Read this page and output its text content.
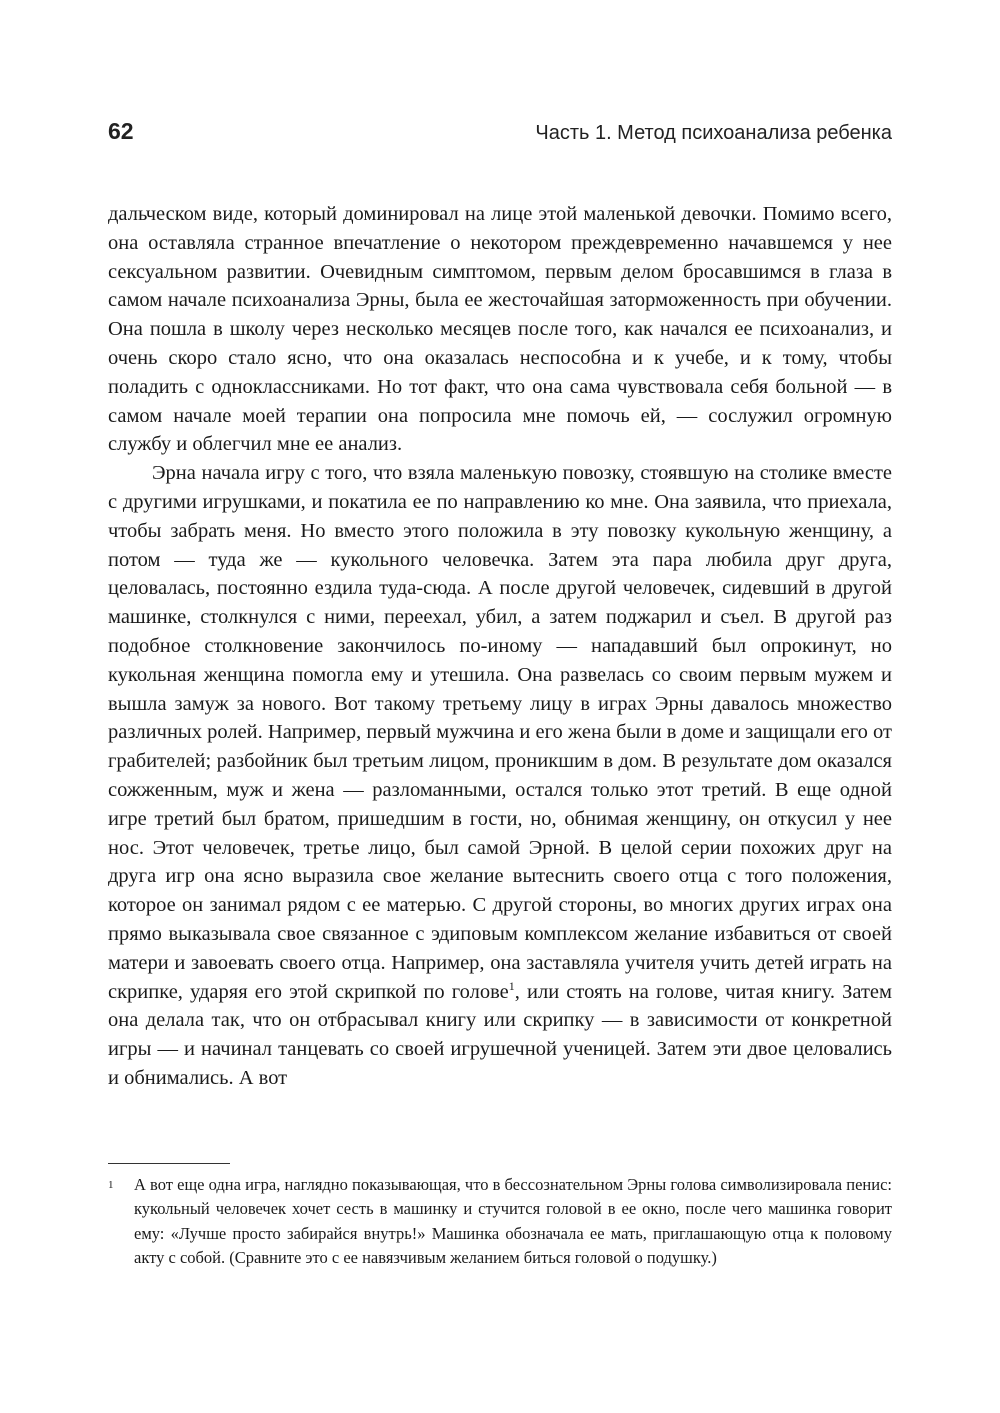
62	Часть 1. Метод психоанализа ребенка

дальческом виде, который доминировал на лице этой маленькой девочки. Помимо всего, она оставляла странное впечатление о некотором преждевременно начавшемся у нее сексуальном развитии. Очевидным симптомом, первым делом бросавшимся в глаза в самом начале психоанализа Эрны, была ее жесточайшая заторможенность при обучении. Она пошла в школу через несколько месяцев после того, как начался ее психоанализ, и очень скоро стало ясно, что она оказалась неспособна и к учебе, и к тому, чтобы поладить с одноклассниками. Но тот факт, что она сама чувствовала себя больной — в самом начале моей терапии она попросила мне помочь ей, — сослужил огромную службу и облегчил мне ее анализ.

Эрна начала игру с того, что взяла маленькую повозку, стоявшую на столике вместе с другими игрушками, и покатила ее по направлению ко мне. Она заявила, что приехала, чтобы забрать меня. Но вместо этого положила в эту повозку кукольную женщину, а потом — туда же — кукольного человечка. Затем эта пара любила друг друга, целовалась, постоянно ездила туда-сюда. А после другой человечек, сидевший в другой машинке, столкнулся с ними, переехал, убил, а затем поджарил и съел. В другой раз подобное столкновение закончилось по-иному — нападавший был опрокинут, но кукольная женщина помогла ему и утешила. Она развелась со своим первым мужем и вышла замуж за нового. Вот такому третьему лицу в играх Эрны давалось множество различных ролей. Например, первый мужчина и его жена были в доме и защищали его от грабителей; разбойник был третьим лицом, проникшим в дом. В результате дом оказался сожженным, муж и жена — разломанными, остался только этот третий. В еще одной игре третий был братом, пришедшим в гости, но, обнимая женщину, он откусил у нее нос. Этот человечек, третье лицо, был самой Эрной. В целой серии похожих друг на друга игр она ясно выразила свое желание вытеснить своего отца с того положения, которое он занимал рядом с ее матерью. С другой стороны, во многих других играх она прямо выказывала свое связанное с эдиповым комплексом желание избавиться от своей матери и завоевать своего отца. Например, она заставляла учителя учить детей играть на скрипке, ударяя его этой скрипкой по голове$^1$, или стоять на голове, читая книгу. Затем она делала так, что он отбрасывал книгу или скрипку — в зависимости от конкретной игры — и начинал танцевать со своей игрушечной ученицей. Затем эти двое целовались и обнимались. А вот

1	А вот еще одна игра, наглядно показывающая, что в бессознательном Эрны голова символизировала пенис: кукольный человечек хочет сесть в машинку и стучится головой в ее окно, после чего машинка говорит ему: «Лучше просто забирайся внутрь!» Машинка обозначала ее мать, приглашающую отца к половому акту с собой. (Сравните это с ее навязчивым желанием биться головой о подушку.)
